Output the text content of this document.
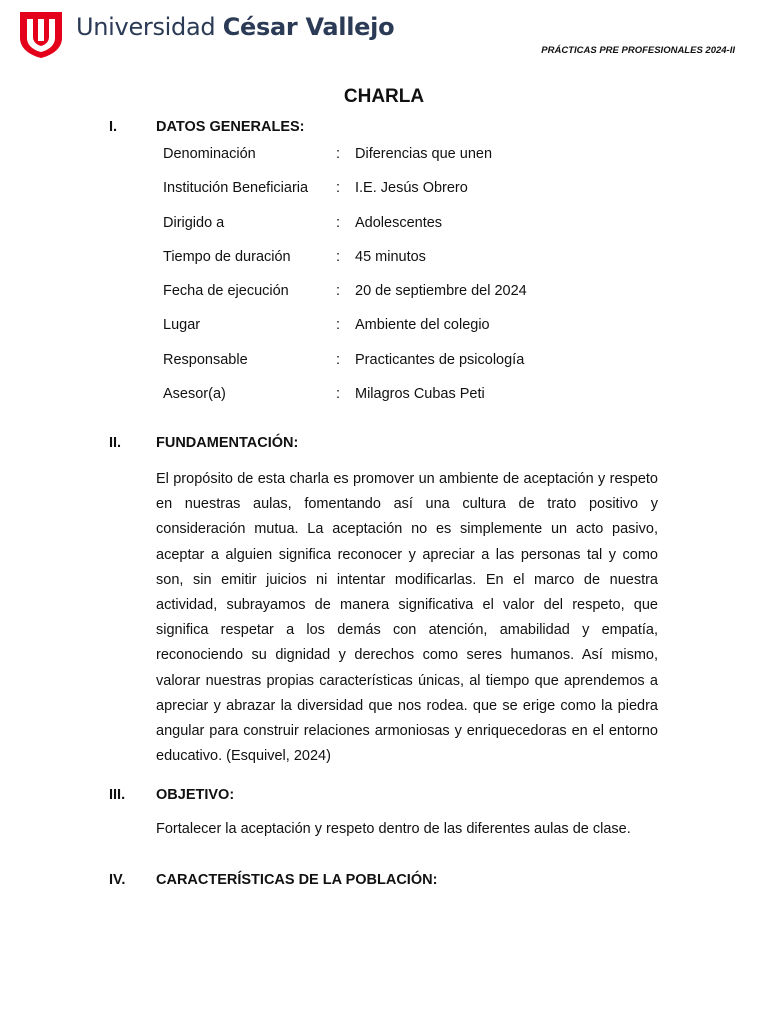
Universidad César Vallejo
PRÁCTICAS PRE PROFESIONALES 2024-II
CHARLA
I.	DATOS GENERALES:
Denominación	: Diferencias que unen
Institución Beneficiaria : I.E. Jesús Obrero
Dirigido a	: Adolescentes
Tiempo de duración	: 45 minutos
Fecha de ejecución	: 20 de septiembre del 2024
Lugar	: Ambiente del colegio
Responsable	: Practicantes de psicología
Asesor(a)	: Milagros Cubas Peti
II. FUNDAMENTACIÓN:

El propósito de esta charla es promover un ambiente de aceptación y respeto en nuestras aulas, fomentando así una cultura de trato positivo y consideración mutua. La aceptación no es simplemente un acto pasivo, aceptar a alguien significa reconocer y apreciar a las personas tal y como son, sin emitir juicios ni intentar modificarlas. En el marco de nuestra actividad, subrayamos de manera significativa el valor del respeto, que significa respetar a los demás con atención, amabilidad y empatía, reconociendo su dignidad y derechos como seres humanos. Así mismo, valorar nuestras propias características únicas, al tiempo que aprendemos a apreciar y abrazar la diversidad que nos rodea. que se erige como la piedra angular para construir relaciones armoniosas y enriquecedoras en el entorno educativo. (Esquivel, 2024)

III. OBJETIVO:

Fortalecer la aceptación y respeto dentro de las diferentes aulas de clase.

IV. CARACTERÍSTICAS DE LA POBLACIÓN:
